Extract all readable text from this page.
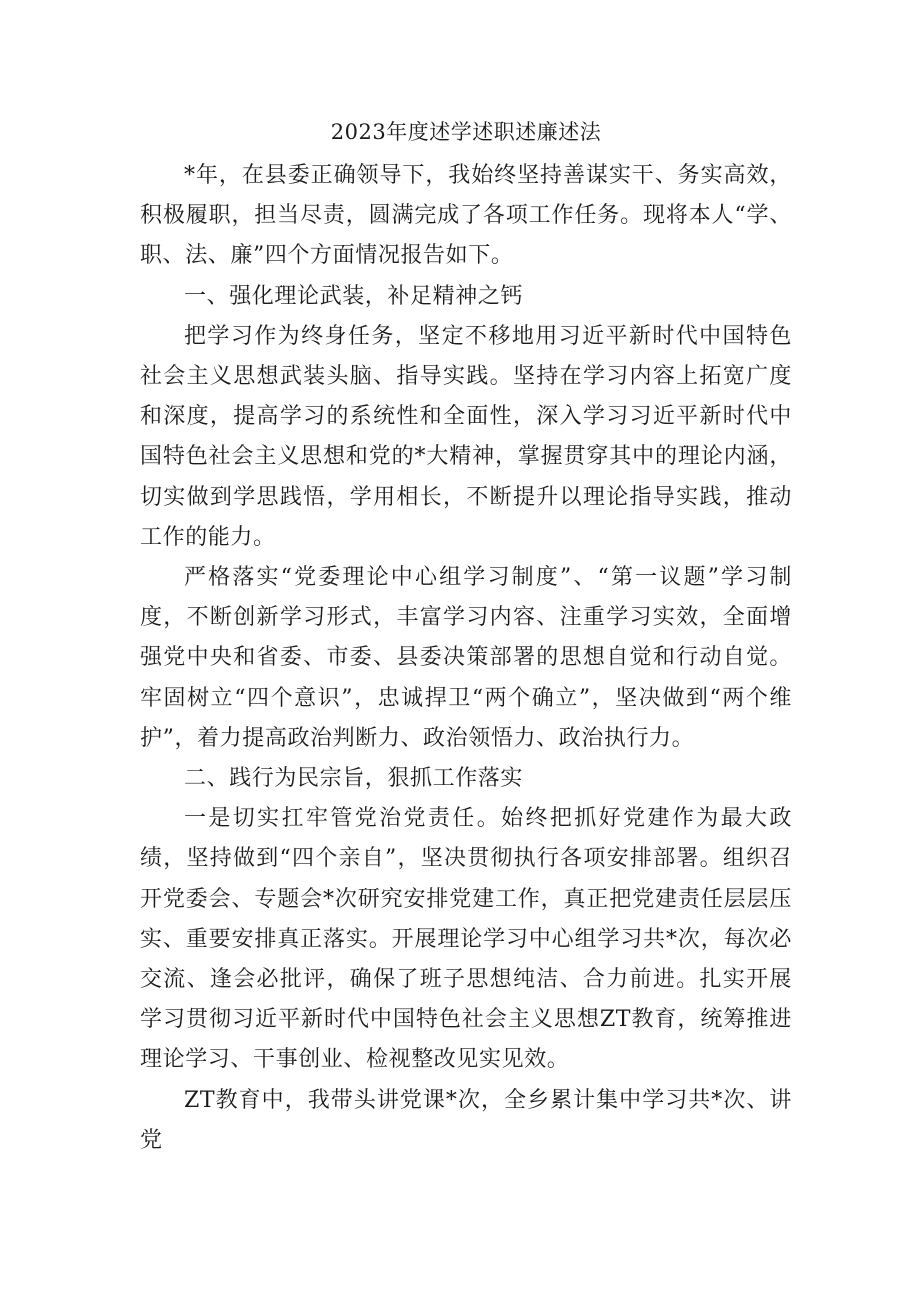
2023年度述学述职述廉述法

*年，在县委正确领导下，我始终坚持善谋实干、务实高效，积极履职，担当尽责，圆满完成了各项工作任务。现将本人“学、职、法、廉”四个方面情况报告如下。

一、强化理论武装，补足精神之钙

把学习作为终身任务，坚定不移地用习近平新时代中国特色社会主义思想武装头脑、指导实践。坚持在学习内容上拓宽广度和深度，提高学习的系统性和全面性，深入学习习近平新时代中国特色社会主义思想和党的*大精神，掌握贯穿其中的理论内涵，切实做到学思践悟，学用相长，不断提升以理论指导实践，推动工作的能力。

严格落实“党委理论中心组学习制度”、“第一议题”学习制度，不断创新学习形式，丰富学习内容、注重学习实效，全面增强党中央和省委、市委、县委决策部署的思想自觉和行动自觉。牢固树立“四个意识”，忠诚捍卫“两个确立”，坚决做到“两个维护”，着力提高政治判断力、政治领悟力、政治执行力。

二、践行为民宗旨，狠抓工作落实

一是切实扛牢管党治党责任。始终把抓好党建作为最大政绩，坚持做到“四个亲自”，坚决贯彻执行各项安排部署。组织召开党委会、专题会*次研究安排党建工作，真正把党建责任层层压实、重要安排真正落实。开展理论学习中心组学习共*次，每次必交流、逢会必批评，确保了班子思想纯洁、合力前进。扎实开展学习贯彻习近平新时代中国特色社会主义思想ZT教育，统筹推进理论学习、干事创业、检视整改见实见效。

ZT教育中，我带头讲党课*次，全乡累计集中学习共*次、讲党
